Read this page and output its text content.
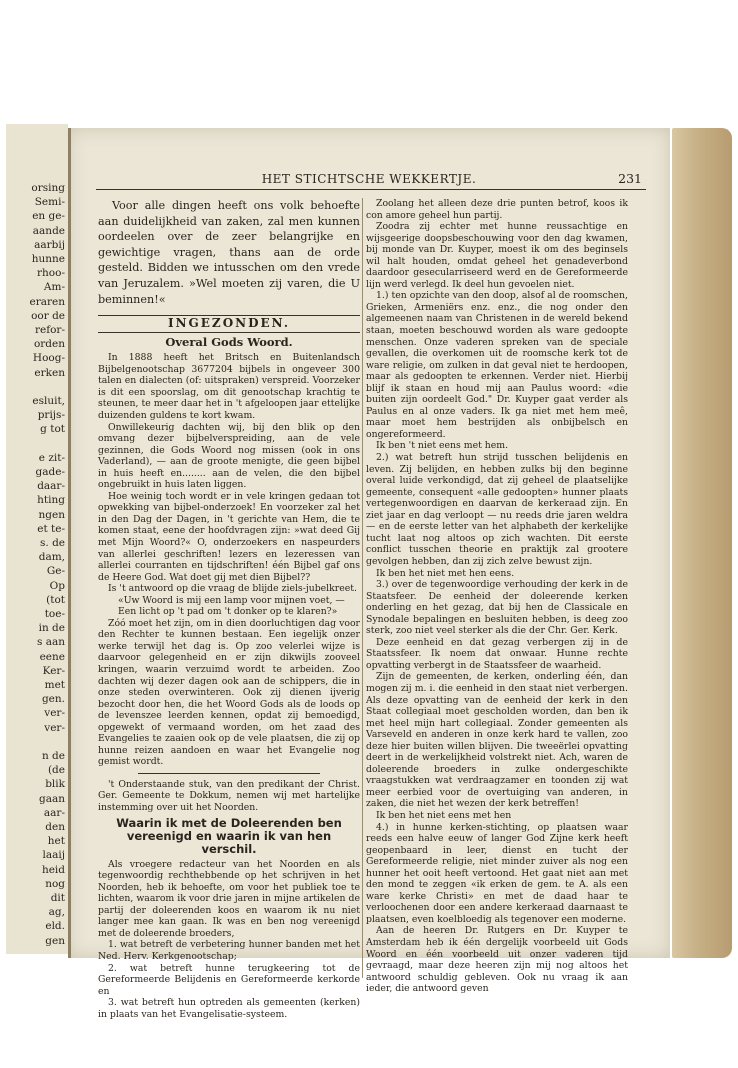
orsing
Semi-
en ge-
aande
aarbij
hunne
rhoo-
Am-
eraren
oor de
refor-
orden
Hoog-
erken
esluit,
prijs-
g tot
e zit-
gade-
daar-
hting
ngen
et te-
s. de
dam,
Ge-
Op
(tot
toe-
in de
s aan
eene
Ker-
met
gen.
ver-
ver-
n de
(de
blik
gaan
aar-
den
het
laaij
heid
nog
dit
ag,
eld.
gen
HET STICHTSCHE WEKKERTJE.	231

Voor alle dingen heeft ons volk behoefte aan duidelijkheid van zaken, zal men kunnen oordeelen over de zeer belangrijke en gewichtige vragen, thans aan de orde gesteld. Bidden we intusschen om den vrede van Jeruzalem. »Wel moeten zij varen, die U beminnen!«

INGEZONDEN.
Overal Gods Woord.

In 1888 heeft het Britsch en Buitenlandsch Bijbelgenootschap 3677204 bijbels in ongeveer 300 talen en dialecten (of: uitspraken) verspreid. Voorzeker is dit een spoorslag, om dit genootschap krachtig te steunen, te meer daar het in 't afgeloopen jaar ettelijke duizenden guldens te kort kwam.

Onwillekeurig dachten wij, bij den blik op den omvang dezer bijbelverspreiding, aan de vele gezinnen, die Gods Woord nog missen (ook in ons Vaderland), — aan de groote menigte, die geen bijbel in huis heeft en........ aan de velen, die den bijbel ongebruikt in huis laten liggen.

Hoe weinig toch wordt er in vele kringen gedaan tot opwekking van bijbel-onderzoek! En voorzeker zal het in den Dag der Dagen, in 't gerichte van Hem, die te komen staat, eene der hoofdvragen zijn: »wat deed Gij met Mijn Woord?« O, onderzoekers en naspeurders van allerlei geschriften! lezers en lezeressen van allerlei courranten en tijdschriften! één Bijbel gaf ons de Heere God. Wat doet gij met dien Bijbel??

Is 't antwoord op die vraag de blijde ziels-jubelkreet.

«Uw Woord is mij een lamp voor mijnen voet, —

Een licht op 't pad om 't donker op te klaren?»

Zóó moet het zijn, om in dien doorluchtigen dag voor den Rechter te kunnen bestaan. Een iegelijk onzer werke terwijl het dag is. Op zoo velerlei wijze is daarvoor gelegenheid en er zijn dikwijls zooveel kringen, waarin verzuimd wordt te arbeiden. Zoo dachten wij dezer dagen ook aan de schippers, die in onze steden overwinteren. Ook zij dienen ijverig bezocht door hen, die het Woord Gods als de loods op de levenszee leerden kennen, opdat zij bemoedigd, opgewekt of vermaand worden, om het zaad des Evangelies te zaaien ook op de vele plaatsen, die zij op hunne reizen aandoen en waar het Evangelie nog gemist wordt.

't Onderstaande stuk, van den predikant der Christ. Ger. Gemeente te Dokkum, nemen wij met hartelijke instemming over uit het Noorden.

Waarin ik met de Doleerenden ben vereenigd en waarin ik van hen verschil.

Als vroegere redacteur van het Noorden en als tegenwoordig rechthebbende op het schrijven in het Noorden, heb ik behoefte, om voor het publiek toe te lichten, waarom ik voor drie jaren in mijne artikelen de partij der doleerenden koos en waarom ik nu niet langer mee kan gaan. Ik was en ben nog vereenigd met de doleerende broeders,

1. wat betreft de verbetering hunner banden met het Ned. Herv. Kerkgenootschap;

2. wat betreft hunne terugkeering tot de Gereformeerde Belijdenis en Gereformeerde kerkorde en

3. wat betreft hun optreden als gemeenten (kerken) in plaats van het Evangelisatie-systeem.

Zoolang het alleen deze drie punten betrof, koos ik con amore geheel hun partij.

Zoodra zij echter met hunne reussachtige en wijsgeerige doopsbeschouwing voor den dag kwamen, bij monde van Dr. Kuyper, moest ik om des beginsels wil halt houden, omdat geheel het genadeverbond daardoor gesecularriseerd werd en de Gereformeerde lijn werd verlegd. Ik deel hun gevoelen niet.

1.) ten opzichte van den doop, alsof al de roomschen, Grieken, Armeniërs enz. enz., die nog onder den algemeenen naam van Christenen in de wereld bekend staan, moeten beschouwd worden als ware gedoopte menschen. Onze vaderen spreken van de speciale gevallen, die overkomen uit de roomsche kerk tot de ware religie, om zulken in dat geval niet te herdoopen, maar als gedoopten te erkennen. Verder niet. Hierbij blijf ik staan en houd mij aan Paulus woord: «die buiten zijn oordeelt God." Dr. Kuyper gaat verder als Paulus en al onze vaders. Ik ga niet met hem meê, maar moet hem bestrijden als onbijbelsch en ongereformeerd.

Ik ben 't niet eens met hem.

2.) wat betreft hun strijd tusschen belijdenis en leven. Zij belijden, en hebben zulks bij den beginne overal luide verkondigd, dat zij geheel de plaatselijke gemeente, consequent «alle gedoopten» hunner plaats vertegenwoordigen en daarvan de kerkeraad zijn. En ziet jaar en dag verloopt — nu reeds drie jaren weldra — en de eerste letter van het alphabeth der kerkelijke tucht laat nog altoos op zich wachten. Dit eerste conflict tusschen theorie en praktijk zal grootere gevolgen hebben, dan zij zich zelve bewust zijn.

Ik ben het niet met hen eens.

3.) over de tegenwoordige verhouding der kerk in de Staatsfeer. De eenheid der doleerende kerken onderling en het gezag, dat bij hen de Classicale en Synodale bepalingen en besluiten hebben, is deeg zoo sterk, zoo niet veel sterker als die der Chr. Ger. Kerk.

Deze eenheid en dat gezag verbergen zij in de Staatssfeer. Ik noem dat onwaar. Hunne rechte opvatting verbergt in de Staatssfeer de waarheid.

Zijn de gemeenten, de kerken, onderling één, dan mogen zij m. i. die eenheid in den staat niet verbergen. Als deze opvatting van de eenheid der kerk in den Staat collegiaal moet gescholden worden, dan ben ik met heel mijn hart collegiaal. Zonder gemeenten als Varseveld en anderen in onze kerk hard te vallen, zoo deze hier buiten willen blijven. Die tweeërlei opvatting deert in de werkelijkheid volstrekt niet. Ach, waren de doleerende broeders in zulke ondergeschikte vraagstukken wat verdraagzamer en toonden zij wat meer eerbied voor de overtuiging van anderen, in zaken, die niet het wezen der kerk betreffen!

Ik ben het niet eens met hen

4.) in hunne kerken-stichting, op plaatsen waar reeds een halve eeuw of langer God Zijne kerk heeft geopenbaard in leer, dienst en tucht der Gereformeerde religie, niet minder zuiver als nog een hunner het ooit heeft vertoond. Het gaat niet aan met den mond te zeggen «ik erken de gem. te A. als een ware kerke Christi» en met de daad haar te verloochenen door een andere kerkeraad daarnaast te plaatsen, even koelbloedig als tegenover een moderne.

Aan de heeren Dr. Rutgers en Dr. Kuyper te Amsterdam heb ik één dergelijk voorbeeld uit Gods Woord en één voorbeeld uit onzer vaderen tijd gevraagd, maar deze heeren zijn mij nog altoos het antwoord schuldig gebleven. Ook nu vraag ik aan ieder, die antwoord geven
